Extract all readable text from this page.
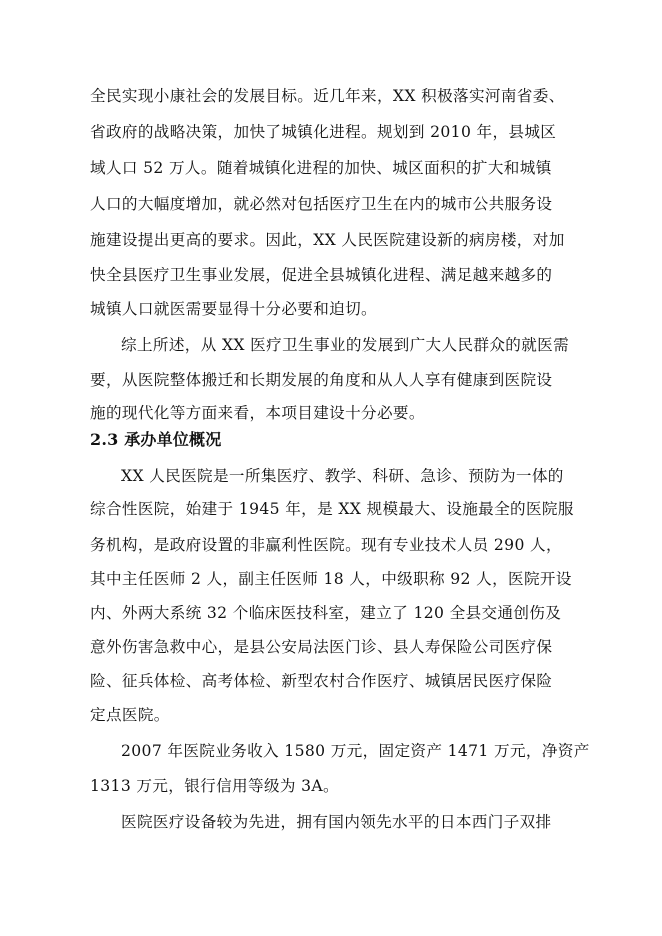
全民实现小康社会的发展目标。近几年来，XX 积极落实河南省委、
省政府的战略决策，加快了城镇化进程。规划到 2010 年，县城区
域人口 52 万人。随着城镇化进程的加快、城区面积的扩大和城镇
人口的大幅度增加，就必然对包括医疗卫生在内的城市公共服务设
施建设提出更高的要求。因此，XX 人民医院建设新的病房楼，对加
快全县医疗卫生事业发展，促进全县城镇化进程、满足越来越多的
城镇人口就医需要显得十分必要和迫切。
综上所述，从 XX 医疗卫生事业的发展到广大人民群众的就医需
要，从医院整体搬迁和长期发展的角度和从人人享有健康到医院设
施的现代化等方面来看，本项目建设十分必要。
2.3 承办单位概况
XX 人民医院是一所集医疗、教学、科研、急诊、预防为一体的
综合性医院，始建于 1945 年，是 XX 规模最大、设施最全的医院服
务机构，是政府设置的非赢利性医院。现有专业技术人员 290 人，
其中主任医师 2 人，副主任医师 18 人，中级职称 92 人，医院开设
内、外两大系统 32 个临床医技科室，建立了 120 全县交通创伤及
意外伤害急救中心，是县公安局法医门诊、县人寿保险公司医疗保
险、征兵体检、高考体检、新型农村合作医疗、城镇居民医疗保险
定点医院。
2007 年医院业务收入 1580 万元，固定资产 1471 万元，净资产
1313 万元，银行信用等级为 3A。
医院医疗设备较为先进，拥有国内领先水平的日本西门子双排
